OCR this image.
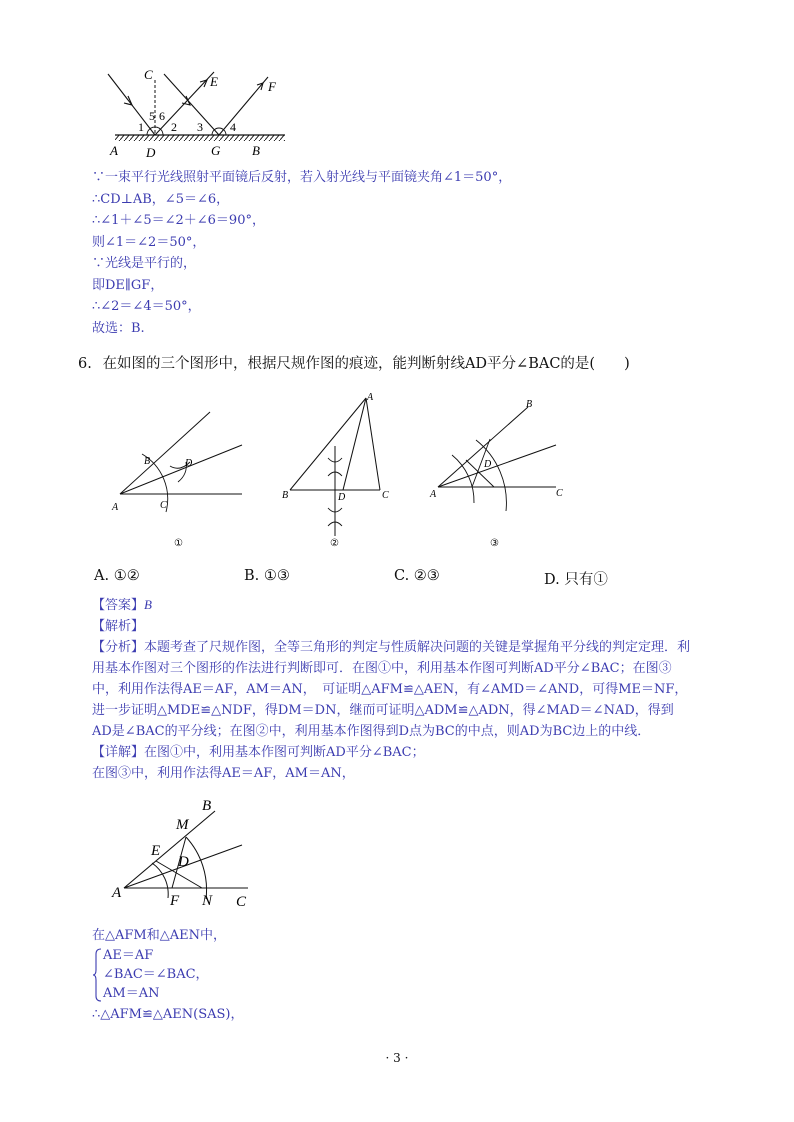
C	E	F
5 6
1 2 3 4
A D	G B
∵一束平行光线照射平面镜后反射，若入射光线与平面镜夹角∠1＝50°，
∴CD⊥AB，∠5＝∠6，
∴∠1＋∠5＝∠2＋∠6＝90°，
则∠1＝∠2＝50°，
∵光线是平行的，
即DE∥GF，
∴∠2＝∠4＝50°，
故选：B.
6. 在如图的三个图形中，根据尺规作图的痕迹，能判断射线AD平分∠BAC的是(　　)
B	D
A	C
①
A
B	D	C
②
B
D
A	C
③
A. ①②	B. ①③	C. ②③	D. 只有①
【答案】B
【解析】
【分析】本题考查了尺规作图，全等三角形的判定与性质解决问题的关键是掌握角平分线的判定定理．利
用基本作图对三个图形的作法进行判断即可．在图①中，利用基本作图可判断AD平分∠BAC；在图③
中，利用作法得AE＝AF，AM＝AN，　可证明△AFM≌△AEN，有∠AMD＝∠AND，可得ME＝NF，
进一步证明△MDE≌△NDF，得DM＝DN，继而可证明△ADM≌△ADN，得∠MAD＝∠NAD，得到
AD是∠BAC的平分线；在图②中，利用基本作图得到D点为BC的中点，则AD为BC边上的中线．
【详解】在图①中，利用基本作图可判断AD平分∠BAC；
在图③中，利用作法得AE＝AF，AM＝AN，
B
M
E
D
A	F N C
在△AFM和△AEN中，
AE＝AF
∠BAC＝∠BAC，
AM＝AN
∴△AFM≌△AEN(SAS)，
· 3 ·
